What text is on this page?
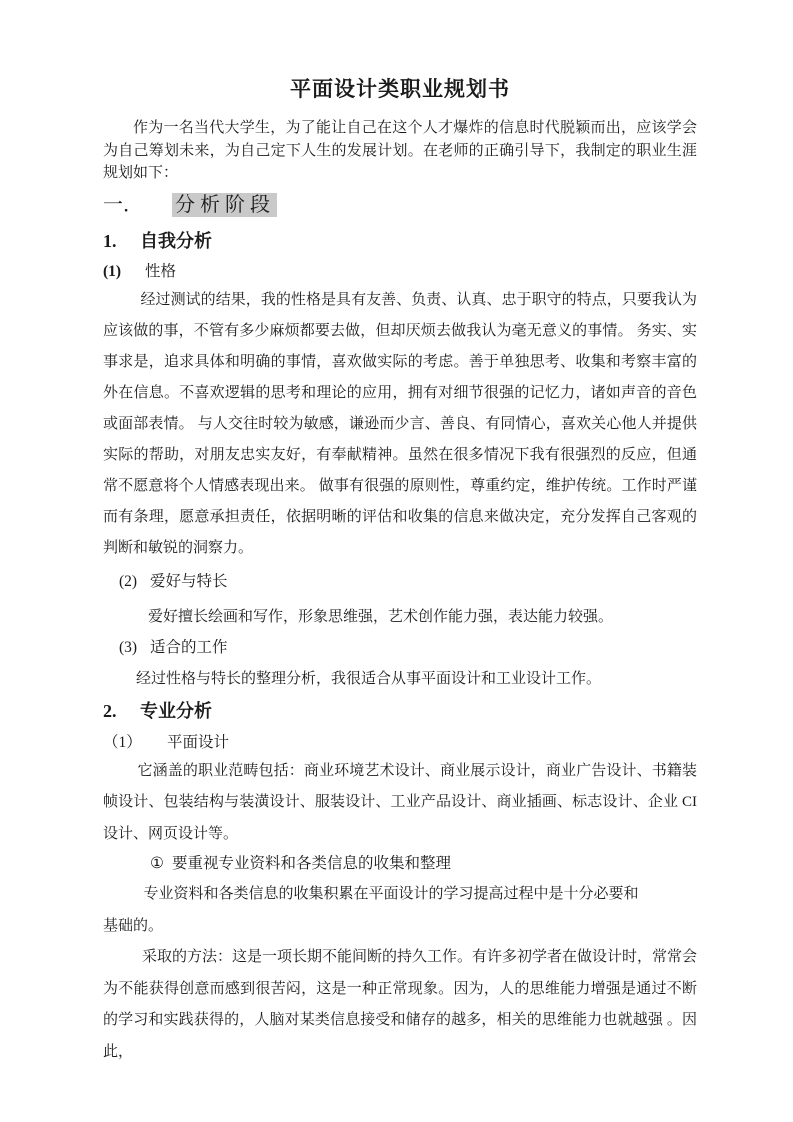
平面设计类职业规划书

作为一名当代大学生，为了能让自己在这个人才爆炸的信息时代脱颖而出，应该学会为自己筹划未来，为自己定下人生的发展计划。在老师的正确引导下，我制定的职业生涯规划如下：

一． 分析阶段
1. 自我分析
(1) 性格

经过测试的结果，我的性格是具有友善、负责、认真、忠于职守的特点，只要我认为应该做的事，不管有多少麻烦都要去做，但却厌烦去做我认为毫无意义的事情。 务实、实事求是，追求具体和明确的事情，喜欢做实际的考虑。善于单独思考、收集和考察丰富的外在信息。不喜欢逻辑的思考和理论的应用，拥有对细节很强的记忆力，诸如声音的音色或面部表情。 与人交往时较为敏感，谦逊而少言、善良、有同情心，喜欢关心他人并提供实际的帮助，对朋友忠实友好，有奉献精神。虽然在很多情况下我有很强烈的反应，但通常不愿意将个人情感表现出来。 做事有很强的原则性，尊重约定，维护传统。工作时严谨而有条理，愿意承担责任，依据明晰的评估和收集的信息来做决定，充分发挥自己客观的判断和敏锐的洞察力。

(2) 爱好与特长

爱好擅长绘画和写作，形象思维强，艺术创作能力强，表达能力较强。

(3) 适合的工作

经过性格与特长的整理分析，我很适合从事平面设计和工业设计工作。

2. 专业分析
（1） 平面设计

它涵盖的职业范畴包括：商业环境艺术设计、商业展示设计，商业广告设计、书籍装帧设计、包装结构与装潢设计、服装设计、工业产品设计、商业插画、标志设计、企业 CI 设计、网页设计等。

① 要重视专业资料和各类信息的收集和整理

专业资料和各类信息的收集积累在平面设计的学习提高过程中是十分必要和

基础的。

采取的方法：这是一项长期不能间断的持久工作。有许多初学者在做设计时，常常会为不能获得创意而感到很苦闷，这是一种正常现象。因为，人的思维能力增强是通过不断的学习和实践获得的，人脑对某类信息接受和储存的越多，相关的思维能力也就越强 。因此，
